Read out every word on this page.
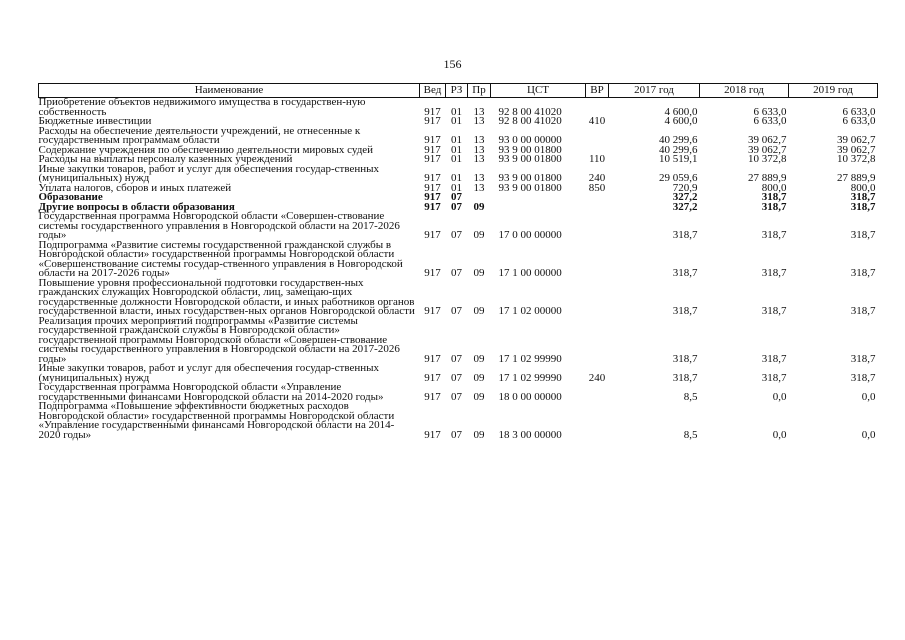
156
Наименование	Вед	РЗ	Пр	ЦСТ	ВР	2017 год	2018 год	2019 год
Приобретение объектов недвижимого имущества в государствен-ную собственность	917	01	13	92 8 00 41020		4 600,0	6 633,0	6 633,0
Бюджетные инвестиции	917	01	13	92 8 00 41020	410	4 600,0	6 633,0	6 633,0
Расходы на обеспечение деятельности учреждений, не отнесенные к государственным программам области	917	01	13	93 0 00 00000		40 299,6	39 062,7	39 062,7
Содержание учреждения по обеспечению деятельности мировых судей	917	01	13	93 9 00 01800		40 299,6	39 062,7	39 062,7
Расходы на выплаты персоналу казенных учреждений	917	01	13	93 9 00 01800	110	10 519,1	10 372,8	10 372,8
Иные закупки товаров, работ и услуг для обеспечения государ-ственных (муниципальных) нужд	917	01	13	93 9 00 01800	240	29 059,6	27 889,9	27 889,9
Уплата налогов, сборов и иных платежей	917	01	13	93 9 00 01800	850	720,9	800,0	800,0
Образование	917	07				327,2	318,7	318,7
Другие вопросы в области образования	917	07	09			327,2	318,7	318,7
Государственная программа Новгородской области «Совершен-ствование системы государственного управления в Новгородской области на 2017-2026 годы»	917	07	09	17 0 00 00000		318,7	318,7	318,7
Подпрограмма «Развитие системы государственной гражданской службы в Новгородской области» государственной программы Новгородской области «Совершенствование системы государ-ственного управления в Новгородской области на 2017-2026 годы»	917	07	09	17 1 00 00000		318,7	318,7	318,7
Повышение уровня профессиональной подготовки государствен-ных гражданских служащих Новгородской области, лиц, замещаю-щих государственные должности Новгородской области, и иных работников органов государственной власти, иных государствен-ных органов Новгородской области	917	07	09	17 1 02 00000		318,7	318,7	318,7
Реализация прочих мероприятий подпрограммы «Развитие системы государственной гражданской службы в Новгородской области» государственной программы Новгородской области «Совершен-ствование системы государственного управления в Новгородской области на 2017-2026 годы»	917	07	09	17 1 02 99990		318,7	318,7	318,7
Иные закупки товаров, работ и услуг для обеспечения государ-ственных (муниципальных) нужд	917	07	09	17 1 02 99990	240	318,7	318,7	318,7
Государственная программа Новгородской области «Управление государственными финансами Новгородской области на 2014-2020 годы»	917	07	09	18 0 00 00000		8,5	0,0	0,0
Подпрограмма «Повышение эффективности бюджетных расходов Новгородской области» государственной программы Новгородской области «Управление государственными финансами Новгородской области на 2014-2020 годы»	917	07	09	18 3 00 00000		8,5	0,0	0,0
